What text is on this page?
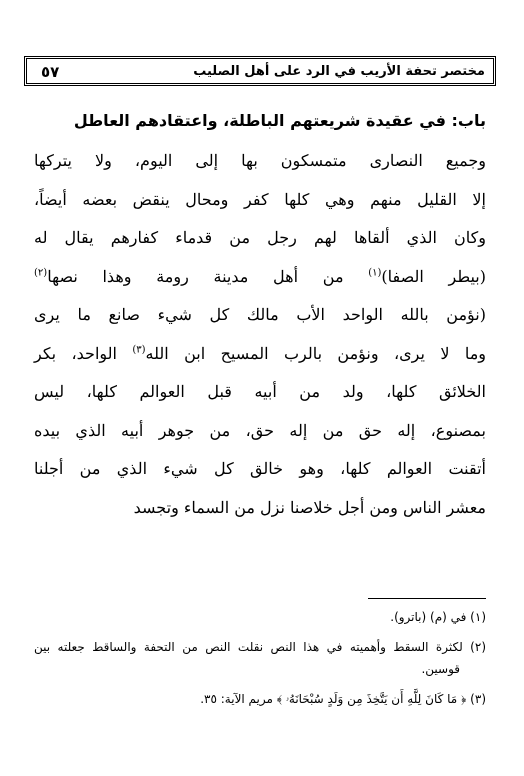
مختصر تحفة الأريب في الرد على أهل الصليب
٥٧
باب: في عقيدة شريعتهم الباطلة، واعتقادهم العاطل
وجميع النصارى متمسكون بها إلى اليوم، ولا يتركها
إلا القليل منهم وهي كلها كفر ومحال ينقض بعضه أيضاً،
وكان الذي ألقاها لهم رجل من قدماء كفارهم يقال له
(بيطر الصفا)$^{(١)}$ من أهل مدينة رومة وهذا نصها$^{(٢)}$
(نؤمن بالله الواحد الأب مالك كل شيء صانع ما يرى
وما لا يرى، ونؤمن بالرب المسيح ابن الله$^{(٣)}$ الواحد، بكر
الخلائق كلها، ولد من أبيه قبل العوالم كلها، ليس
بمصنوع، إله حق من إله حق، من جوهر أبيه الذي بيده
أتقنت العوالم كلها، وهو خالق كل شيء الذي من أجلنا
معشر الناس ومن أجل خلاصنا نزل من السماء وتجسد
(١) في (م) (باترو).
(٢) لكثرة السقط وأهميته في هذا النص نقلت النص من التحفة والساقط جعلته بين
قوسين.
(٣) ﴿ مَا كَانَ لِلَّهِ أَن يَتَّخِذَ مِن وَلَدٍ سُبْحَانَهُۥ ﴾ مريم الآية: ٣٥.
